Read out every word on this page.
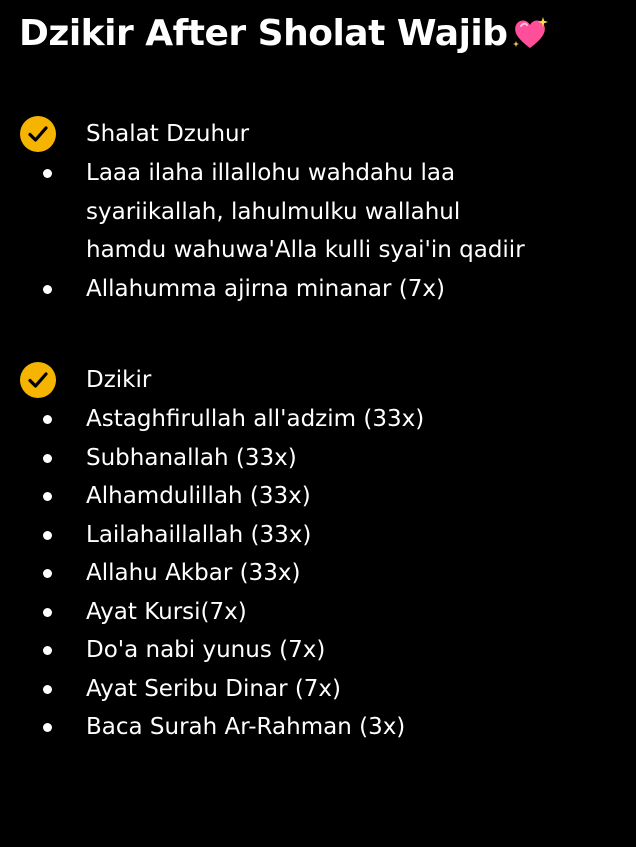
Dzikir After Sholat Wajib
Shalat Dzuhur
Laaa ilaha illallohu wahdahu laa syariikallah, lahulmulku wallahul hamdu wahuwa'Alla kulli syai'in qadiir
Allahumma ajirna minanar (7x)
Dzikir
Astaghfirullah all'adzim (33x)
Subhanallah (33x)
Alhamdulillah (33x)
Lailahaillallah (33x)
Allahu Akbar (33x)
Ayat Kursi(7x)
Do'a nabi yunus (7x)
Ayat Seribu Dinar (7x)
Baca Surah Ar-Rahman (3x)
